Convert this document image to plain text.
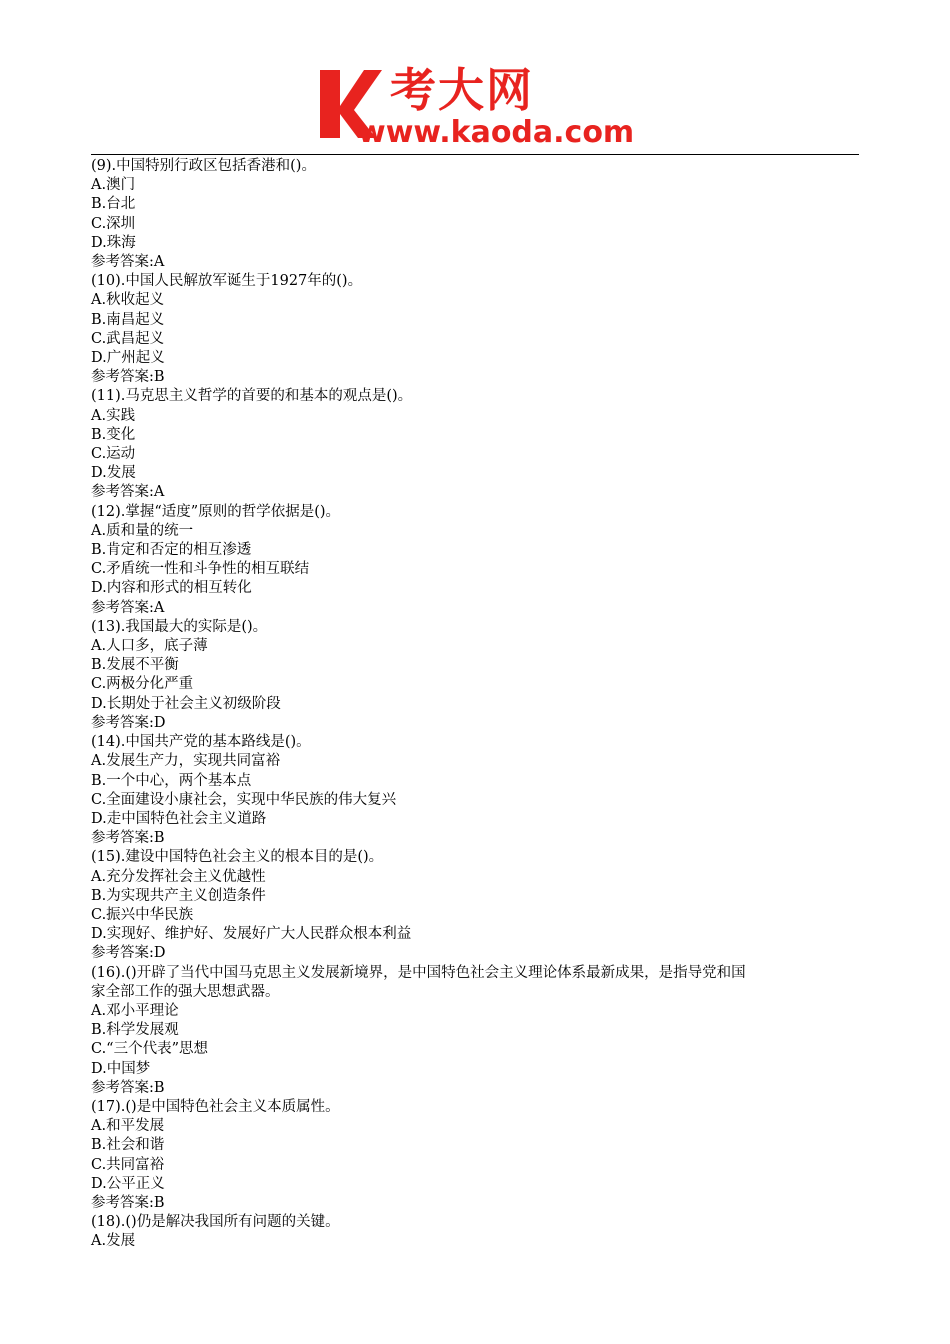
考大网
www.kaoda.com
(9).中国特别行政区包括香港和()。
A.澳门
B.台北
C.深圳
D.珠海
参考答案:A
(10).中国人民解放军诞生于1927年的()。
A.秋收起义
B.南昌起义
C.武昌起义
D.广州起义
参考答案:B
(11).马克思主义哲学的首要的和基本的观点是()。
A.实践
B.变化
C.运动
D.发展
参考答案:A
(12).掌握“适度”原则的哲学依据是()。
A.质和量的统一
B.肯定和否定的相互渗透
C.矛盾统一性和斗争性的相互联结
D.内容和形式的相互转化
参考答案:A
(13).我国最大的实际是()。
A.人口多，底子薄
B.发展不平衡
C.两极分化严重
D.长期处于社会主义初级阶段
参考答案:D
(14).中国共产党的基本路线是()。
A.发展生产力，实现共同富裕
B.一个中心，两个基本点
C.全面建设小康社会，实现中华民族的伟大复兴
D.走中国特色社会主义道路
参考答案:B
(15).建设中国特色社会主义的根本目的是()。
A.充分发挥社会主义优越性
B.为实现共产主义创造条件
C.振兴中华民族
D.实现好、维护好、发展好广大人民群众根本利益
参考答案:D
(16).()开辟了当代中国马克思主义发展新境界，是中国特色社会主义理论体系最新成果，是指导党和国
家全部工作的强大思想武器。
A.邓小平理论
B.科学发展观
C.“三个代表”思想
D.中国梦
参考答案:B
(17).()是中国特色社会主义本质属性。
A.和平发展
B.社会和谐
C.共同富裕
D.公平正义
参考答案:B
(18).()仍是解决我国所有问题的关键。
A.发展
